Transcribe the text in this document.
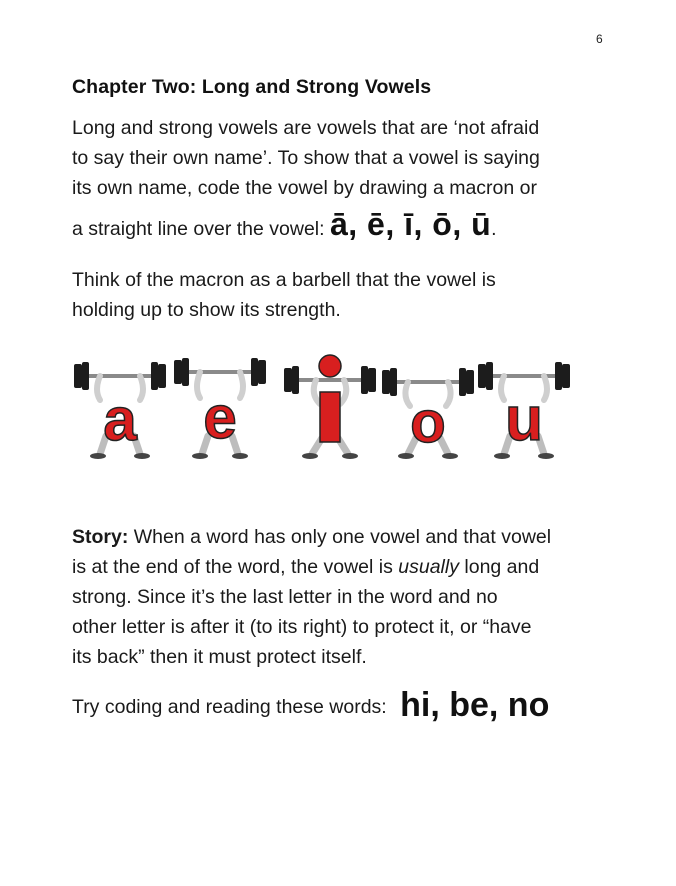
6
Chapter Two: Long and Strong Vowels
Long and strong vowels are vowels that are ‘not afraid
to say their own name’. To show that a vowel is saying
its own name, code the vowel by drawing a macron or
a straight line over the vowel: ā, ē, ī, ō, ū.
Think of the macron as a barbell that the vowel is
holding up to show its strength.
a e	o u
Story: When a word has only one vowel and that vowel
is at the end of the word, the vowel is usually long and
strong. Since it’s the last letter in the word and no
other letter is after it (to its right) to protect it, or “have
its back” then it must protect itself.
Try coding and reading these words: hi, be, no
